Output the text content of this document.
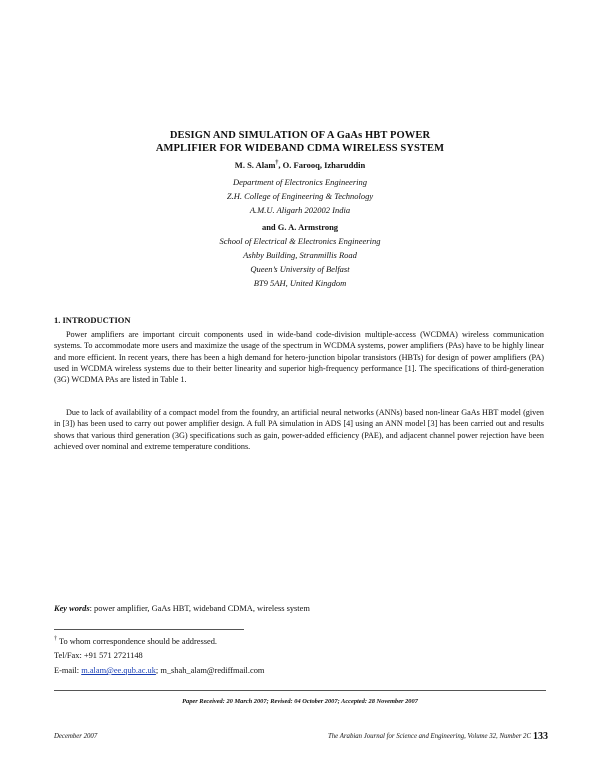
DESIGN AND SIMULATION OF A GaAs HBT POWER
AMPLIFIER FOR WIDEBAND CDMA WIRELESS SYSTEM
M. S. Alam†, O. Farooq, Izharuddin
Department of Electronics Engineering
Z.H. College of Engineering & Technology
A.M.U. Aligarh 202002 India
and G. A. Armstrong
School of Electrical & Electronics Engineering
Ashby Building, Stranmillis Road
Queen’s University of Belfast
BT9 5AH, United Kingdom
1. INTRODUCTION
Power amplifiers are important circuit components used in wide-band code-division multiple-access (WCDMA) wireless communication systems. To accommodate more users and maximize the usage of the spectrum in WCDMA systems, power amplifiers (PAs) have to be highly linear and more efficient. In recent years, there has been a high demand for hetero-junction bipolar transistors (HBTs) for design of power amplifiers (PA) used in WCDMA wireless systems due to their better linearity and superior high-frequency performance [1]. The specifications of third-generation (3G) WCDMA PAs are listed in Table 1.
Due to lack of availability of a compact model from the foundry, an artificial neural networks (ANNs) based non-linear GaAs HBT model (given in [3]) has been used to carry out power amplifier design. A full PA simulation in ADS [4] using an ANN model [3] has been carried out and results shows that various third generation (3G) specifications such as gain, power-added efficiency (PAE), and adjacent channel power rejection have been achieved over nominal and extreme temperature conditions.
Key words: power amplifier, GaAs HBT, wideband CDMA, wireless system
† To whom correspondence should be addressed.
Tel/Fax: +91 571 2721148
E-mail: m.alam@ee.qub.ac.uk; m_shah_alam@rediffmail.com
Paper Received: 20 March 2007; Revised: 04 October 2007; Accepted: 28 November 2007
December 2007	The Arabian Journal for Science and Engineering, Volume 32, Number 2C 133
